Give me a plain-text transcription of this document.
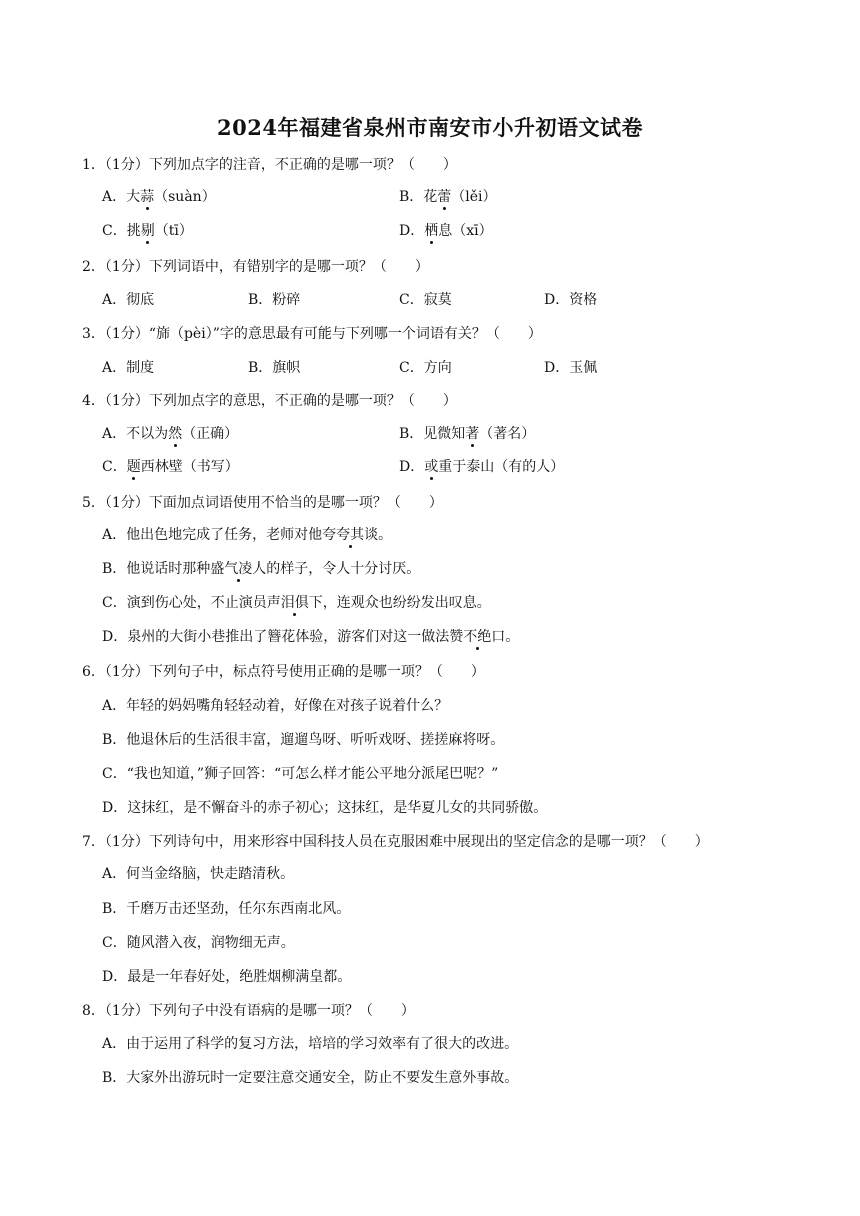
2024年福建省泉州市南安市小升初语文试卷
1．（1分）下列加点字的注音，不正确的是哪一项？（　　）
A．大蒜（suàn）	B．花蕾（lěi）
C．挑剔（tī）	D．栖息（xī）
2．（1分）下列词语中，有错别字的是哪一项？（　　）
A．彻底	B．粉碎	C．寂莫	D．资格
3．（1分）“旆（pèi）”字的意思最有可能与下列哪一个词语有关？（　　）
A．制度	B．旗帜	C．方向	D．玉佩
4．（1分）下列加点字的意思，不正确的是哪一项？（　　）
A．不以为然（正确）	B．见微知著（著名）
C．题西林壁（书写）	D．或重于泰山（有的人）
5．（1分）下面加点词语使用不恰当的是哪一项？（　　）
A．他出色地完成了任务，老师对他夸夸其谈。
B．他说话时那种盛气凌人的样子，令人十分讨厌。
C．演到伤心处，不止演员声泪俱下，连观众也纷纷发出叹息。
D．泉州的大街小巷推出了簪花体验，游客们对这一做法赞不绝口。
6．（1分）下列句子中，标点符号使用正确的是哪一项？（　　）
A．年轻的妈妈嘴角轻轻动着，好像在对孩子说着什么？
B．他退休后的生活很丰富，遛遛鸟呀、听听戏呀、搓搓麻将呀。
C．“我也知道，”狮子回答：“可怎么样才能公平地分派尾巴呢？”
D．这抹红，是不懈奋斗的赤子初心；这抹红，是华夏儿女的共同骄傲。
7．（1分）下列诗句中，用来形容中国科技人员在克服困难中展现出的坚定信念的是哪一项？（　　）
A．何当金络脑，快走踏清秋。
B．千磨万击还坚劲，任尔东西南北风。
C．随风潜入夜，润物细无声。
D．最是一年春好处，绝胜烟柳满皇都。
8．（1分）下列句子中没有语病的是哪一项？（　　）
A．由于运用了科学的复习方法，培培的学习效率有了很大的改进。
B．大家外出游玩时一定要注意交通安全，防止不要发生意外事故。
